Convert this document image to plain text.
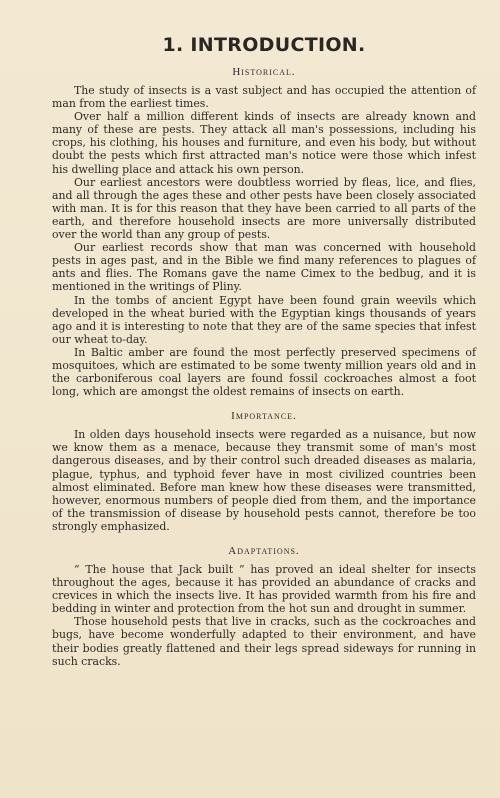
1. INTRODUCTION.
Historical.

The study of insects is a vast subject and has occupied the attention of man from the earliest times.

Over half a million different kinds of insects are already known and many of these are pests. They attack all man's possessions, including his crops, his clothing, his houses and furniture, and even his body, but without doubt the pests which first attracted man's notice were those which infest his dwelling place and attack his own person.

Our earliest ancestors were doubtless worried by fleas, lice, and flies, and all through the ages these and other pests have been closely associated with man. It is for this reason that they have been carried to all parts of the earth, and therefore household insects are more universally distributed over the world than any group of pests.

Our earliest records show that man was concerned with household pests in ages past, and in the Bible we find many references to plagues of ants and flies. The Romans gave the name Cimex to the bedbug, and it is mentioned in the writings of Pliny.

In the tombs of ancient Egypt have been found grain weevils which developed in the wheat buried with the Egyptian kings thousands of years ago and it is interesting to note that they are of the same species that infest our wheat to-day.

In Baltic amber are found the most perfectly preserved specimens of mosquitoes, which are estimated to be some twenty million years old and in the carboniferous coal layers are found fossil cockroaches almost a foot long, which are amongst the oldest remains of insects on earth.

Importance.

In olden days household insects were regarded as a nuisance, but now we know them as a menace, because they transmit some of man's most dangerous diseases, and by their control such dreaded diseases as malaria, plague, typhus, and typhoid fever have in most civilized countries been almost eliminated. Before man knew how these diseases were transmitted, however, enormous numbers of people died from them, and the importance of the transmission of disease by household pests cannot, therefore be too strongly emphasized.

Adaptations.

“ The house that Jack built ” has proved an ideal shelter for insects throughout the ages, because it has provided an abundance of cracks and crevices in which the insects live. It has provided warmth from his fire and bedding in winter and protection from the hot sun and drought in summer.

Those household pests that live in cracks, such as the cockroaches and bugs, have become wonderfully adapted to their environment, and have their bodies greatly flattened and their legs spread sideways for running in such cracks.
